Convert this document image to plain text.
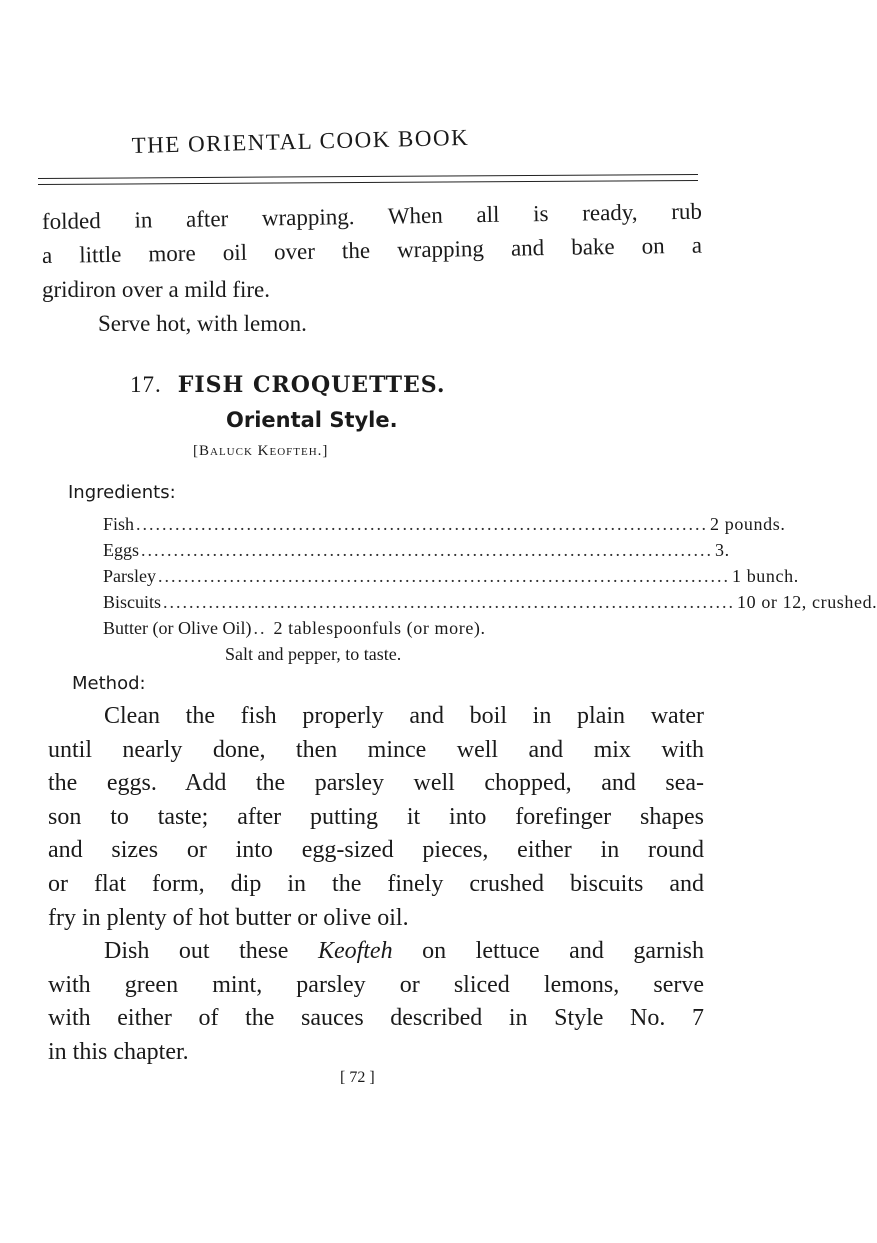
THE ORIENTAL COOK BOOK
folded in after wrapping. When all is ready, rub
a little more oil over the wrapping and bake on a
gridiron over a mild fire.
Serve hot, with lemon.
17. FISH CROQUETTES.
Oriental Style.
[Baluck Keofteh.]
Ingredients:
Fish ........................................................................................ 2 pounds.
Eggs ........................................................................................ 3.
Parsley ........................................................................................ 1 bunch.
Biscuits ........................................................................................ 10 or 12, crushed.
Butter (or Olive Oil) .. 2 tablespoonfuls (or more).
Salt and pepper, to taste.
Method:
Clean the fish properly and boil in plain water
until nearly done, then mince well and mix with
the eggs. Add the parsley well chopped, and sea-
son to taste; after putting it into forefinger shapes
and sizes or into egg-sized pieces, either in round
or flat form, dip in the finely crushed biscuits and
fry in plenty of hot butter or olive oil.
Dish out these Keofteh on lettuce and garnish
with green mint, parsley or sliced lemons, serve
with either of the sauces described in Style No. 7
in this chapter.
[ 72 ]
